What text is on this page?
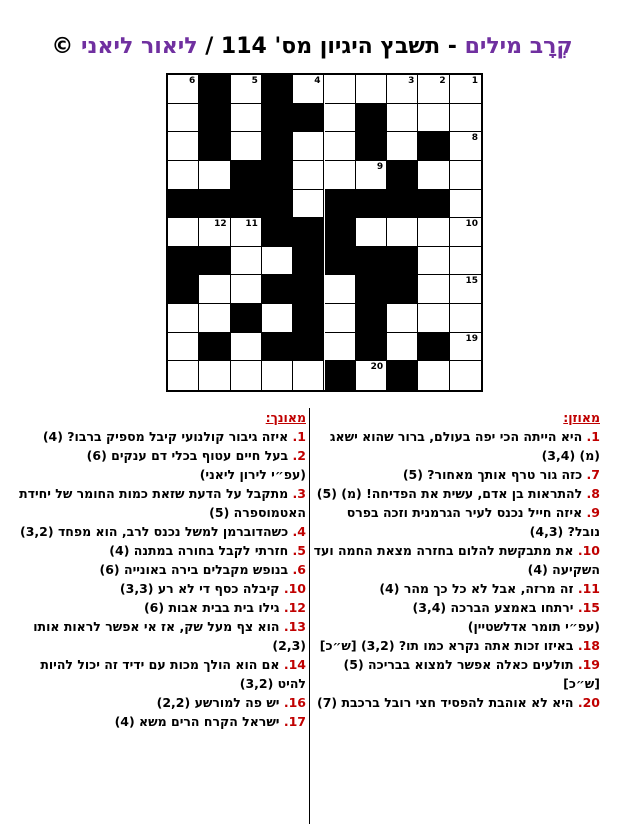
קְרָב מילים - תשבץ היגיון מס' 114 / ליאור ליאני ©
1
2
3
4
5
6
7
8
9
10
11
12
13
14
15
16
17
18
19
20
מאוזן:
1. היא הייתה הכי יפה בעולם, ברור שהוא ישאג (מ) (3,4)
7. כזה גור טרף אותך מאחור? (5)
8. להתראות בן אדם, עשית את הפדיחה! (מ) (5)
9. איזה חייל נכנס לעיר הגרמנית וזכה בפרס נובל? (4,3)
10. את מתבקשת להלום בחזרה מצאת החמה ועד השקיעה (4)
11. זה מרזה, אבל לא כל כך מהר (4)
15. ירתחו באמצע הברכה (3,4)
(עפ״י תומר אדלשטיין)
18. באיזו זכות אתה נקרא כמו תו? (3,2) [ש״כ]
19. תולעים כאלה אפשר למצוא בבריכה (5) [ש״כ]
20. היא לא אוהבת להפסיד חצי רובל ברכבת (7)
מאונך:
1. איזה גיבור קולנועי קיבל מספיק ברבו? (4)
2. בעל חיים עטוף בכלי דם ענקים (6)
(עפ״י לירון ליאני)
3. מתקבל על הדעת שזאת כמות החומר של יחידת האטמוספרה (5)
4. כשהדוברמן למשל נכנס לרב, הוא מפחד (3,2)
5. חזרתי לקבל בחורה במתנה (4)
6. בנופש מקבלים בירה באונייה (6)
10. קיבלה כסף די לא רע (3,3)
12. גילו בית בבית אבות (6)
13. הוא צף מעל שק, אז אי אפשר לראות אותו (2,3)
14. אם הוא הולך מכות עם ידיד זה יכול להיות להיט (3,2)
16. יש פה למורשע (2,2)
17. ישראל הקרח הרים משא (4)
